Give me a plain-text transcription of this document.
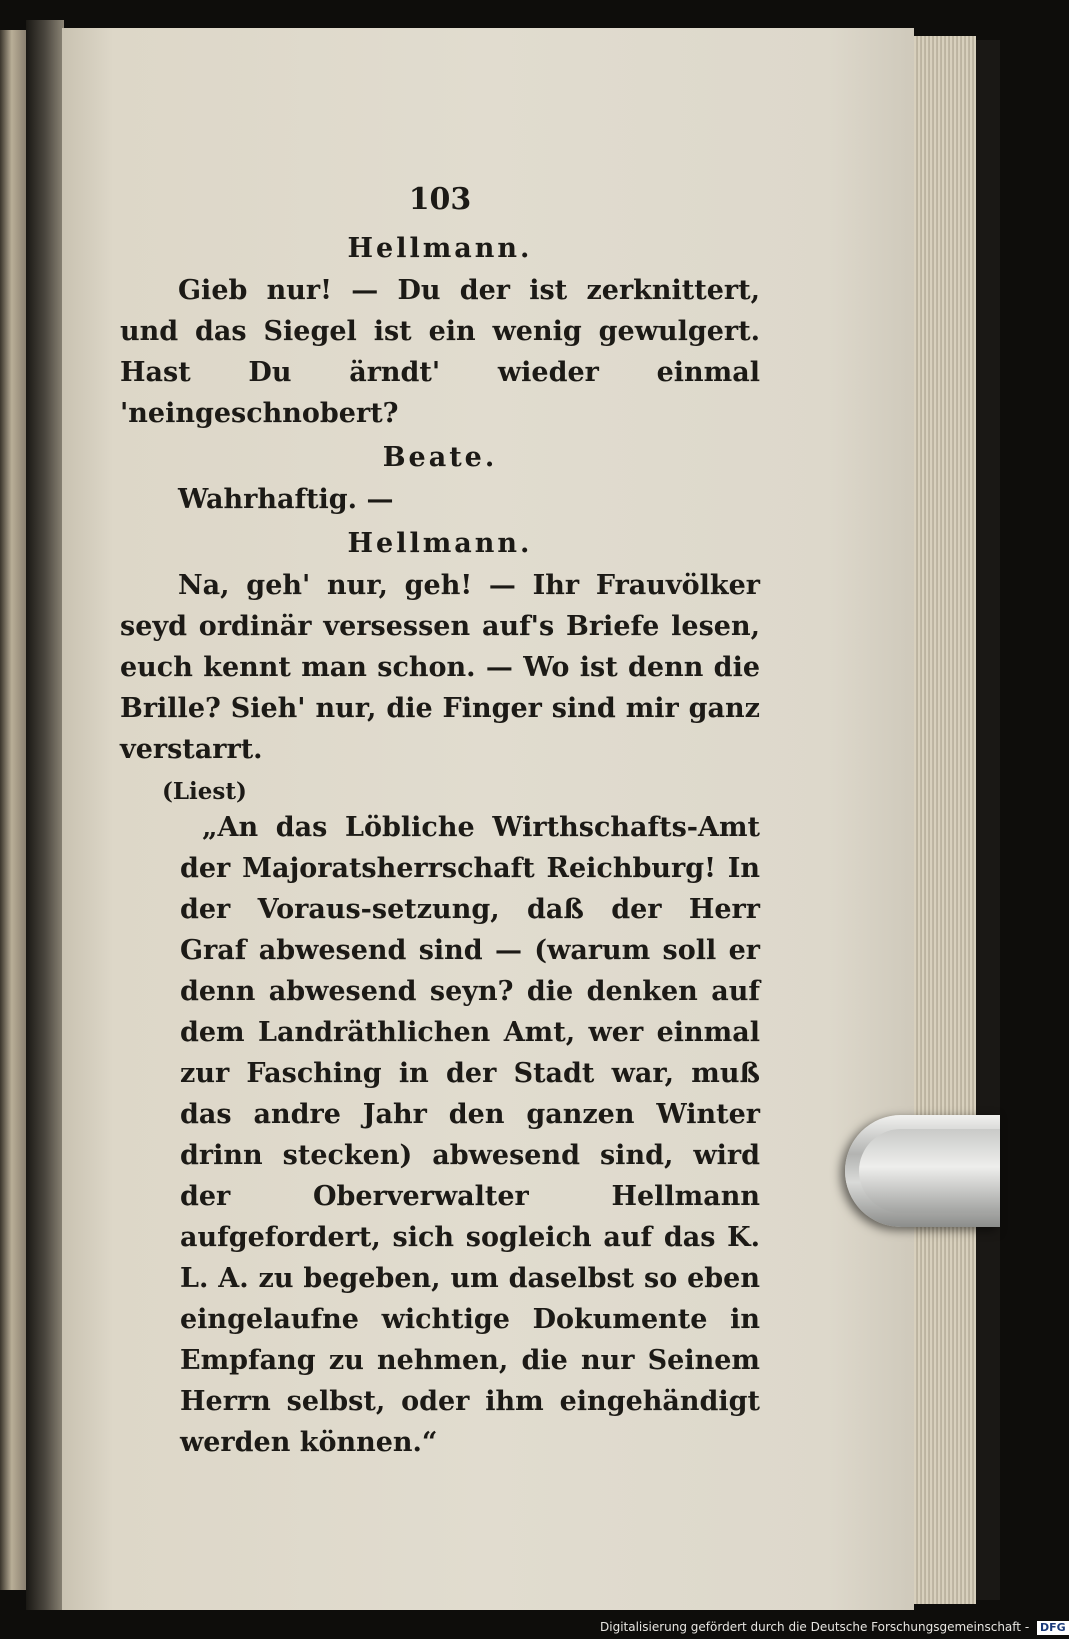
103
Hellmann.

Gieb nur! — Du der ist zerknittert, und das Siegel ist ein wenig gewulgert. Hast Du ärndt' wieder einmal 'neingeschnobert?

Beate.

Wahrhaftig. —

Hellmann.

Na, geh' nur, geh! — Ihr Frauvölker seyd ordinär versessen auf's Briefe lesen, euch kennt man schon. — Wo ist denn die Brille? Sieh' nur, die Finger sind mir ganz verstarrt.

(Liest)

„An das Löbliche Wirthschafts-Amt der Majoratsherrschaft Reichburg! In der Voraus-setzung, daß der Herr Graf abwesend sind — (warum soll er denn abwesend seyn? die denken auf dem Landräthlichen Amt, wer einmal zur Fasching in der Stadt war, muß das andre Jahr den ganzen Winter drinn stecken) abwesend sind, wird der Oberverwalter Hellmann aufgefordert, sich sogleich auf das K. L. A. zu begeben, um daselbst so eben eingelaufne wichtige Dokumente in Empfang zu nehmen, die nur Seinem Herrn selbst, oder ihm eingehändigt werden können.“

Digitalisierung gefördert durch die Deutsche Forschungsgemeinschaft - DFG
